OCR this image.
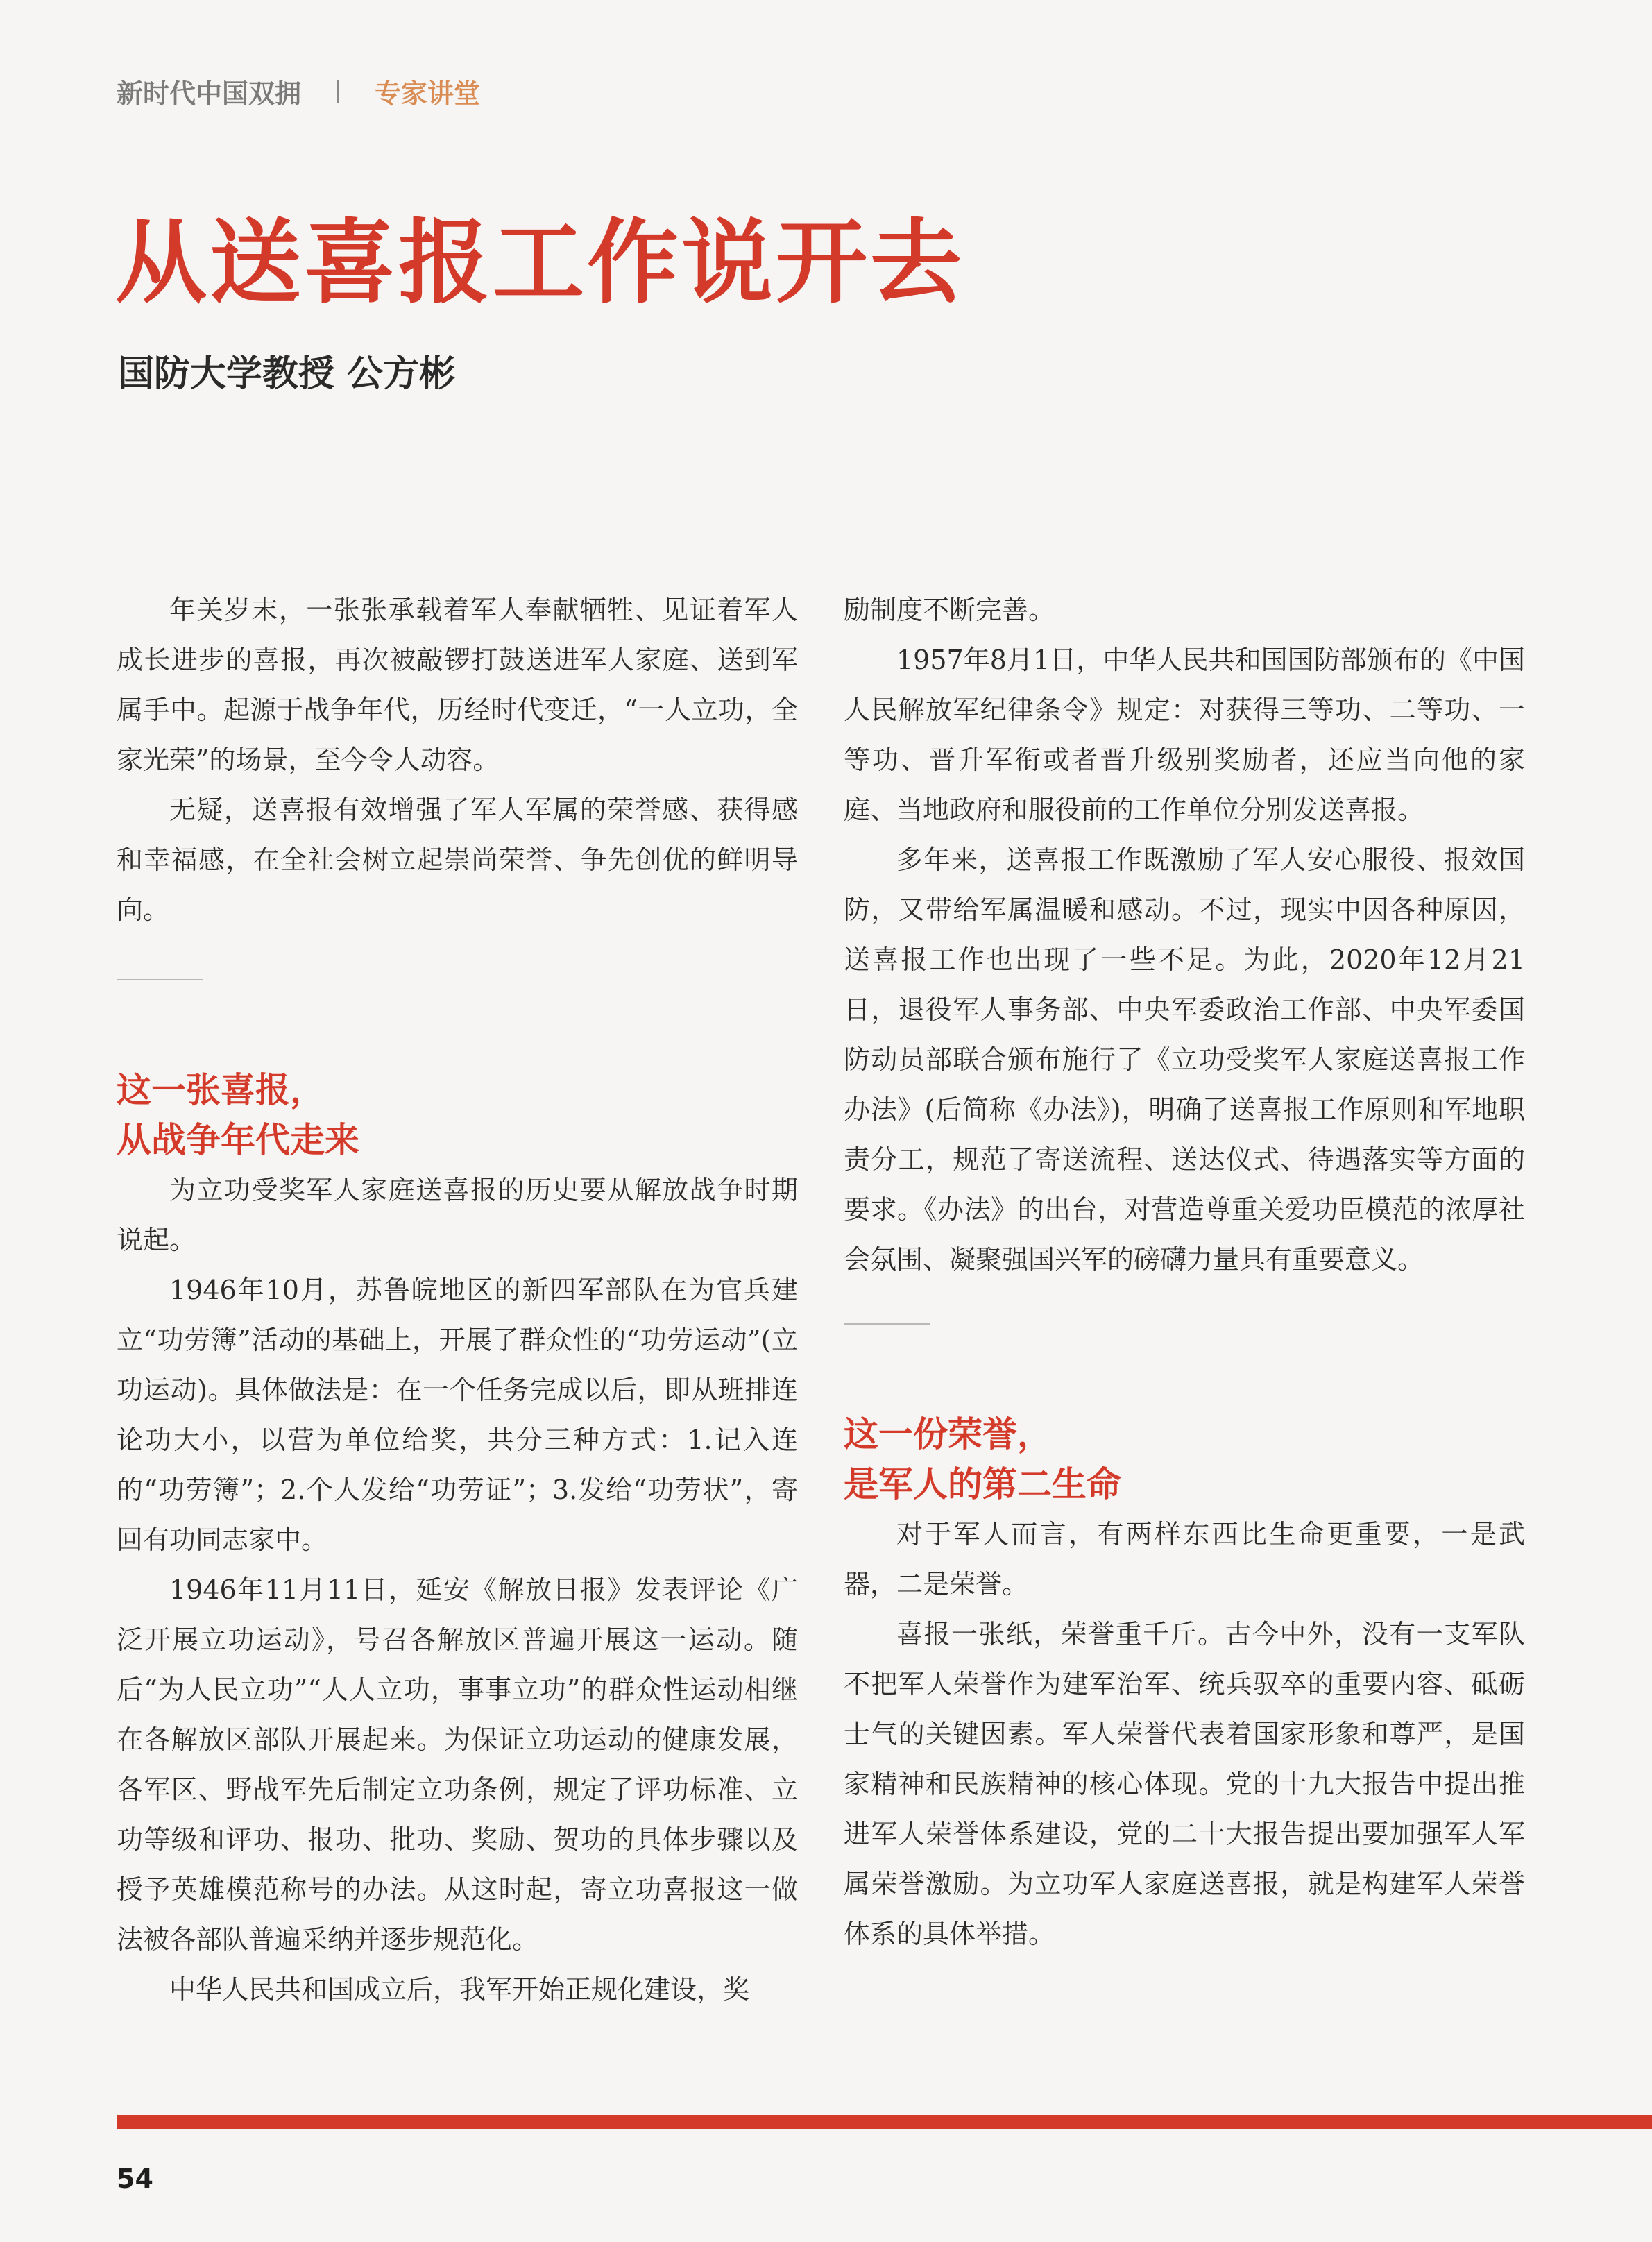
新时代中国双拥	专家讲堂
从送喜报工作说开去
国防大学教授 公方彬

年关岁末，一张张承载着军人奉献牺牲、见证着军人成长进步的喜报，再次被敲锣打鼓送进军人家庭、送到军属手中。起源于战争年代，历经时代变迁，“一人立功，全家光荣”的场景，至今令人动容。

无疑，送喜报有效增强了军人军属的荣誉感、获得感和幸福感，在全社会树立起崇尚荣誉、争先创优的鲜明导向。

这一张喜报，
从战争年代走来

为立功受奖军人家庭送喜报的历史要从解放战争时期说起。

1946年10月，苏鲁皖地区的新四军部队在为官兵建立“功劳簿”活动的基础上，开展了群众性的“功劳运动”(立功运动)。具体做法是：在一个任务完成以后，即从班排连论功大小，以营为单位给奖，共分三种方式：1.记入连的“功劳簿”；2.个人发给“功劳证”；3.发给“功劳状”，寄回有功同志家中。

1946年11月11日，延安《解放日报》发表评论《广泛开展立功运动》，号召各解放区普遍开展这一运动。随后“为人民立功”“人人立功，事事立功”的群众性运动相继在各解放区部队开展起来。为保证立功运动的健康发展，各军区、野战军先后制定立功条例，规定了评功标准、立功等级和评功、报功、批功、奖励、贺功的具体步骤以及授予英雄模范称号的办法。从这时起，寄立功喜报这一做法被各部队普遍采纳并逐步规范化。

中华人民共和国成立后，我军开始正规化建设，奖

励制度不断完善。

1957年8月1日，中华人民共和国国防部颁布的《中国人民解放军纪律条令》规定：对获得三等功、二等功、一等功、晋升军衔或者晋升级别奖励者，还应当向他的家庭、当地政府和服役前的工作单位分别发送喜报。

多年来，送喜报工作既激励了军人安心服役、报效国防，又带给军属温暖和感动。不过，现实中因各种原因，送喜报工作也出现了一些不足。为此，2020年12月21日，退役军人事务部、中央军委政治工作部、中央军委国防动员部联合颁布施行了《立功受奖军人家庭送喜报工作办法》(后简称《办法》)，明确了送喜报工作原则和军地职责分工，规范了寄送流程、送达仪式、待遇落实等方面的要求。《办法》的出台，对营造尊重关爱功臣模范的浓厚社会氛围、凝聚强国兴军的磅礴力量具有重要意义。

这一份荣誉，
是军人的第二生命

对于军人而言，有两样东西比生命更重要，一是武器，二是荣誉。

喜报一张纸，荣誉重千斤。古今中外，没有一支军队不把军人荣誉作为建军治军、统兵驭卒的重要内容、砥砺士气的关键因素。军人荣誉代表着国家形象和尊严，是国家精神和民族精神的核心体现。党的十九大报告中提出推进军人荣誉体系建设，党的二十大报告提出要加强军人军属荣誉激励。为立功军人家庭送喜报，就是构建军人荣誉体系的具体举措。

54
